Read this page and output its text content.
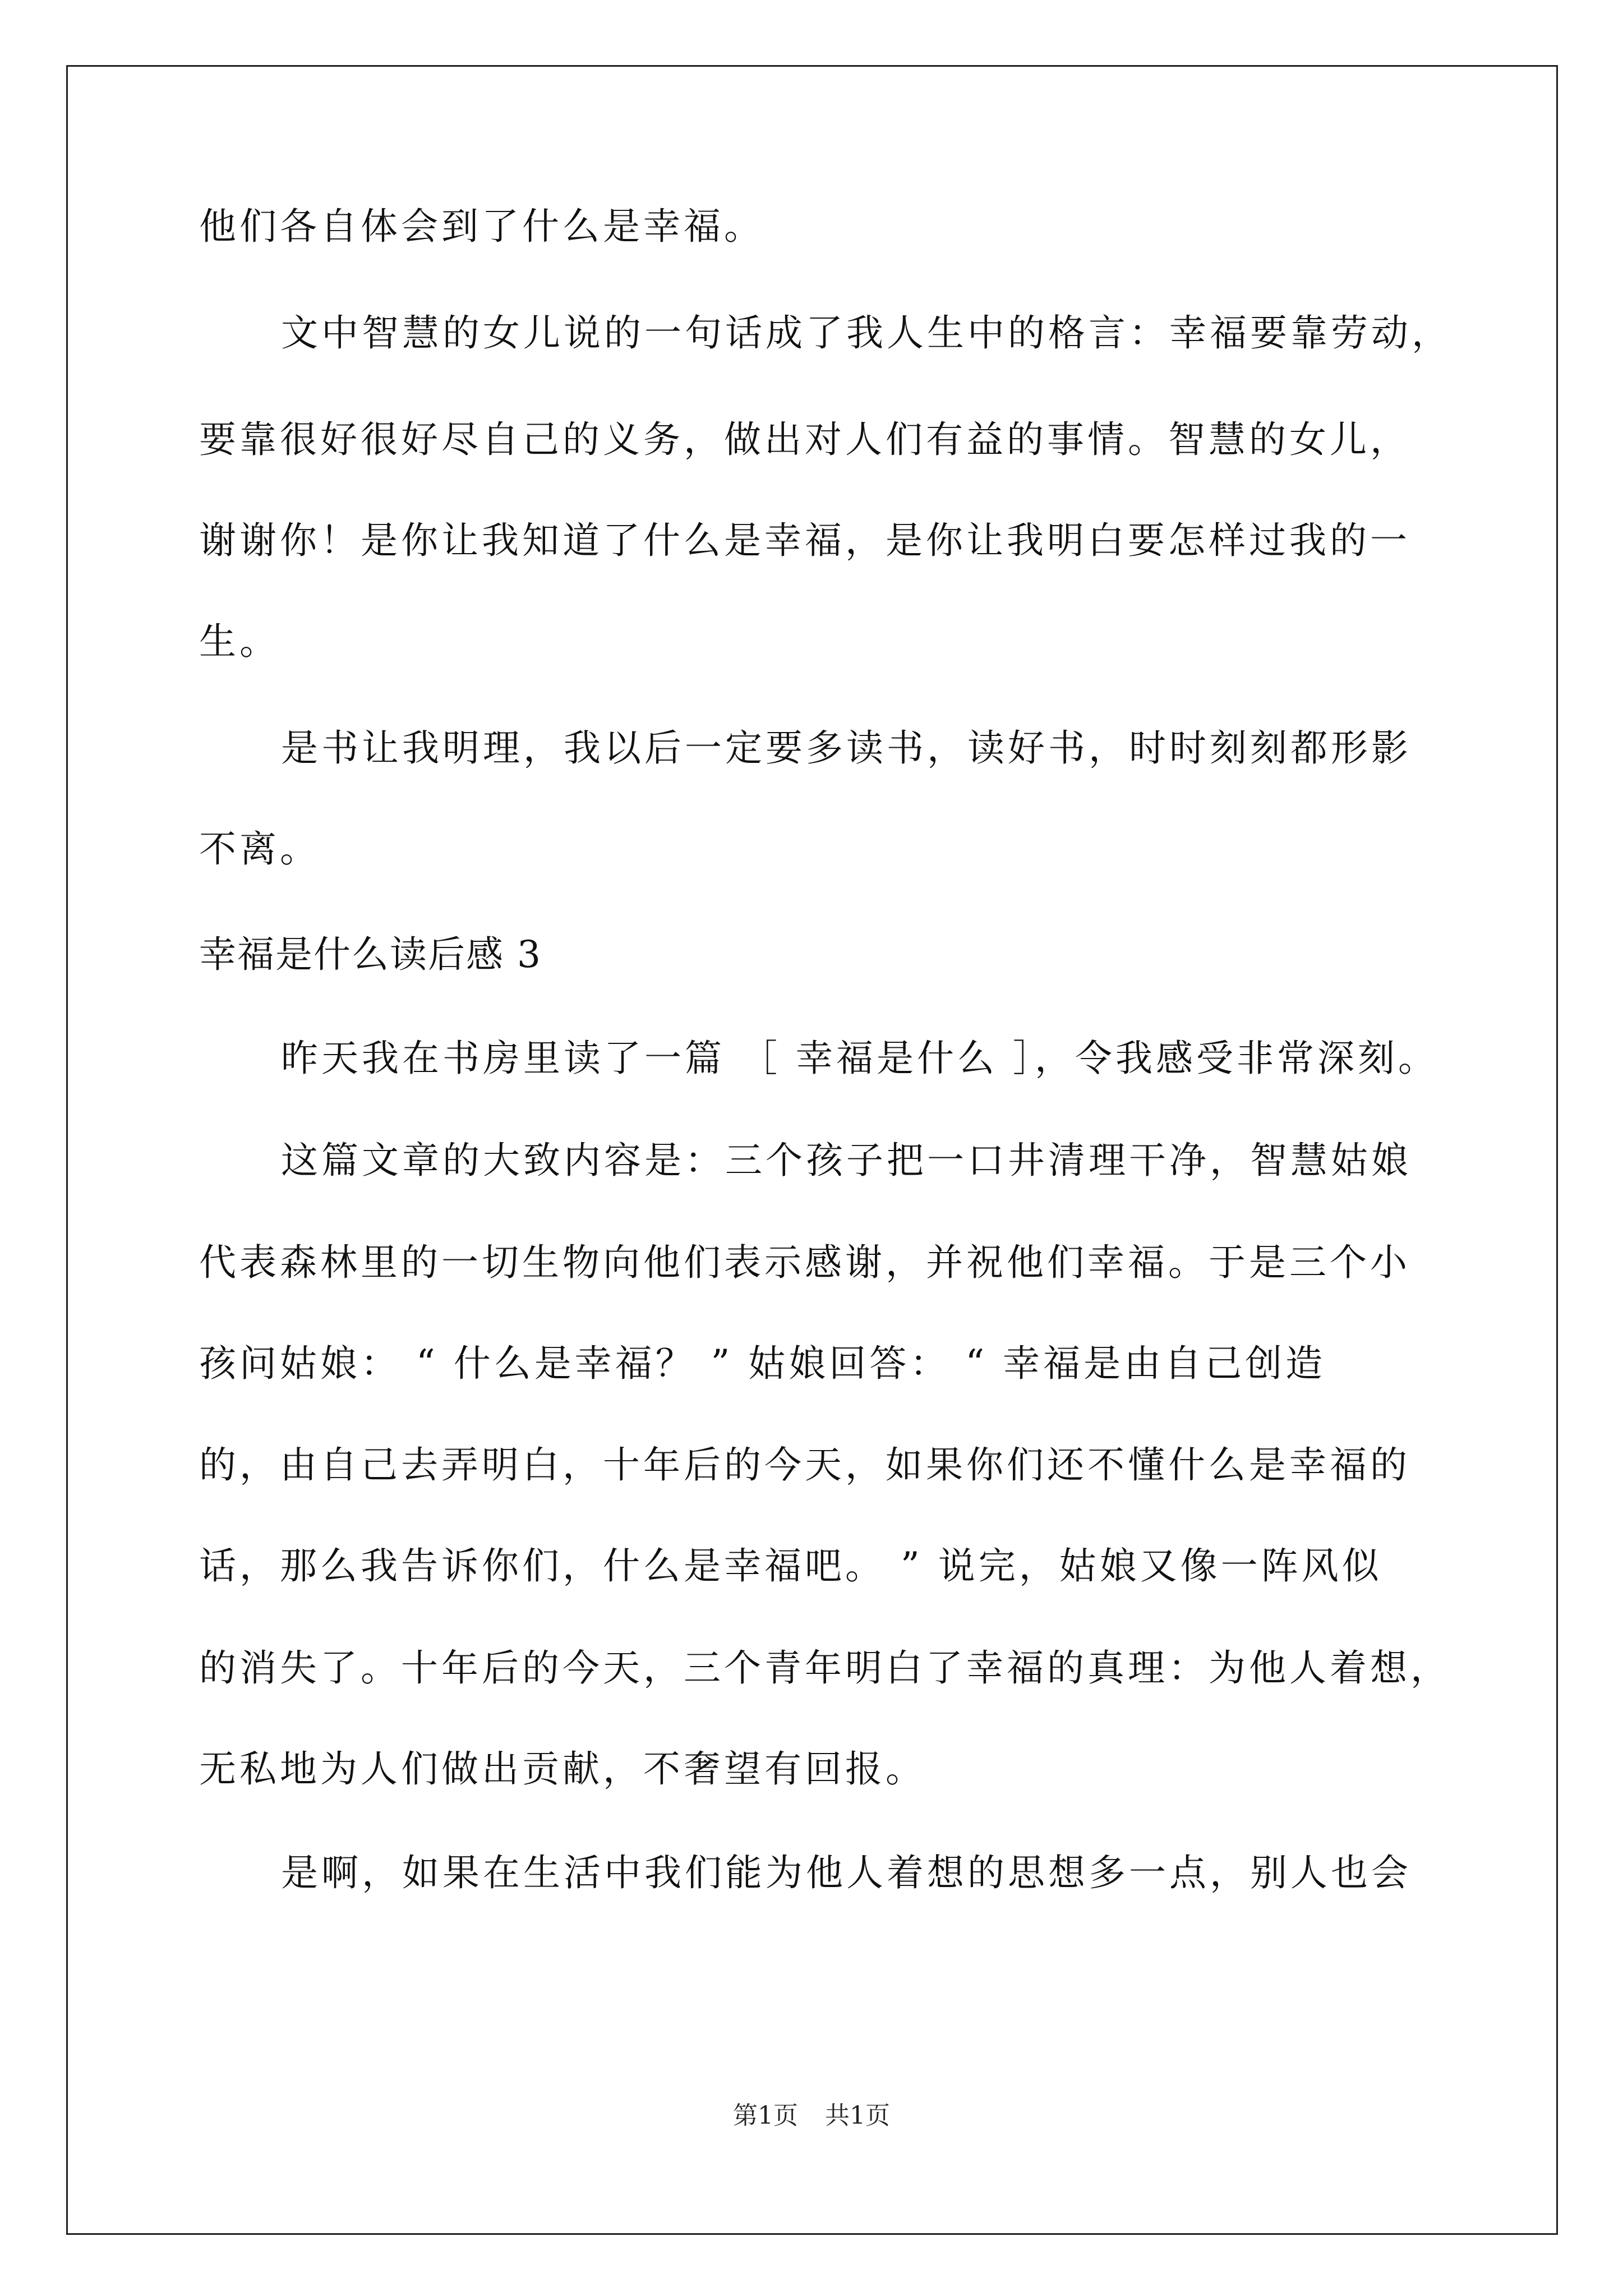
他们各自体会到了什么是幸福。
文中智慧的女儿说的一句话成了我人生中的格言：幸福要靠劳动，
要靠很好很好尽自己的义务，做出对人们有益的事情。智慧的女儿，
谢谢你！是你让我知道了什么是幸福，是你让我明白要怎样过我的一
生。
是书让我明理，我以后一定要多读书，读好书，时时刻刻都形影
不离。
幸福是什么读后感 3
昨天我在书房里读了一篇 ［ 幸福是什么 ］，令我感受非常深刻。
这篇文章的大致内容是：三个孩子把一口井清理干净，智慧姑娘
代表森林里的一切生物向他们表示感谢，并祝他们幸福。于是三个小
孩问姑娘： “ 什么是幸福？ ” 姑娘回答： “ 幸福是由自己创造
的，由自己去弄明白，十年后的今天，如果你们还不懂什么是幸福的
话，那么我告诉你们，什么是幸福吧。 ” 说完，姑娘又像一阵风似
的消失了。十年后的今天，三个青年明白了幸福的真理：为他人着想，
无私地为人们做出贡献，不奢望有回报。
是啊，如果在生活中我们能为他人着想的思想多一点，别人也会
第1页 共1页
